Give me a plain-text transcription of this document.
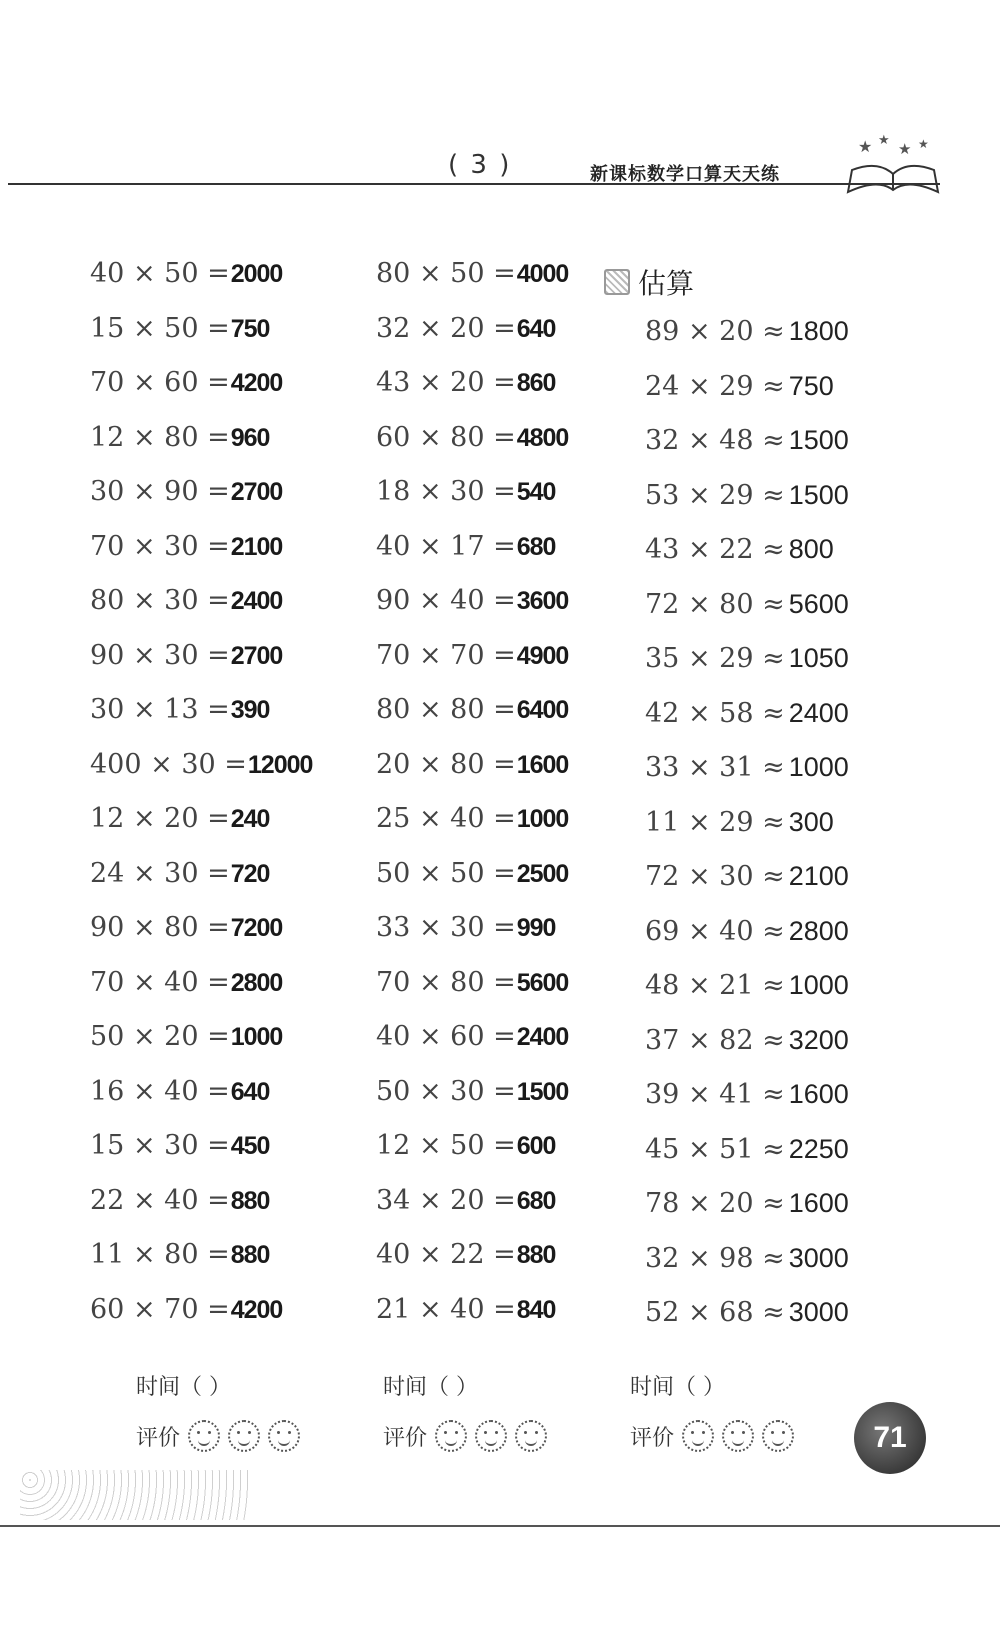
( 3 )	新课标数学口算天天练
★ ★ ★ ★
40 × 50 = 2000
15 × 50 = 750
70 × 60 = 4200
12 × 80 = 960
30 × 90 = 2700
70 × 30 = 2100
80 × 30 = 2400
90 × 30 = 2700
30 × 13 = 390
400 × 30 = 12000
12 × 20 = 240
24 × 30 = 720
90 × 80 = 7200
70 × 40 = 2800
50 × 20 = 1000
16 × 40 = 640
15 × 30 = 450
22 × 40 = 880
11 × 80 = 880
60 × 70 = 4200
80 × 50 = 4000
32 × 20 = 640
43 × 20 = 860
60 × 80 = 4800
18 × 30 = 540
40 × 17 = 680
90 × 40 = 3600
70 × 70 = 4900
80 × 80 = 6400
20 × 80 = 1600
25 × 40 = 1000
50 × 50 = 2500
33 × 30 = 990
70 × 80 = 5600
40 × 60 = 2400
50 × 30 = 1500
12 × 50 = 600
34 × 20 = 680
40 × 22 = 880
21 × 40 = 840
估算
89 × 20 ≈ 1800
24 × 29 ≈ 750
32 × 48 ≈ 1500
53 × 29 ≈ 1500
43 × 22 ≈ 800
72 × 80 ≈ 5600
35 × 29 ≈ 1050
42 × 58 ≈ 2400
33 × 31 ≈ 1000
11 × 29 ≈ 300
72 × 30 ≈ 2100
69 × 40 ≈ 2800
48 × 21 ≈ 1000
37 × 82 ≈ 3200
39 × 41 ≈ 1600
45 × 51 ≈ 2250
78 × 20 ≈ 1600
32 × 98 ≈ 3000
52 × 68 ≈ 3000
时间（ ）	时间（ ）	时间（ ）
评价	评价	评价	71
